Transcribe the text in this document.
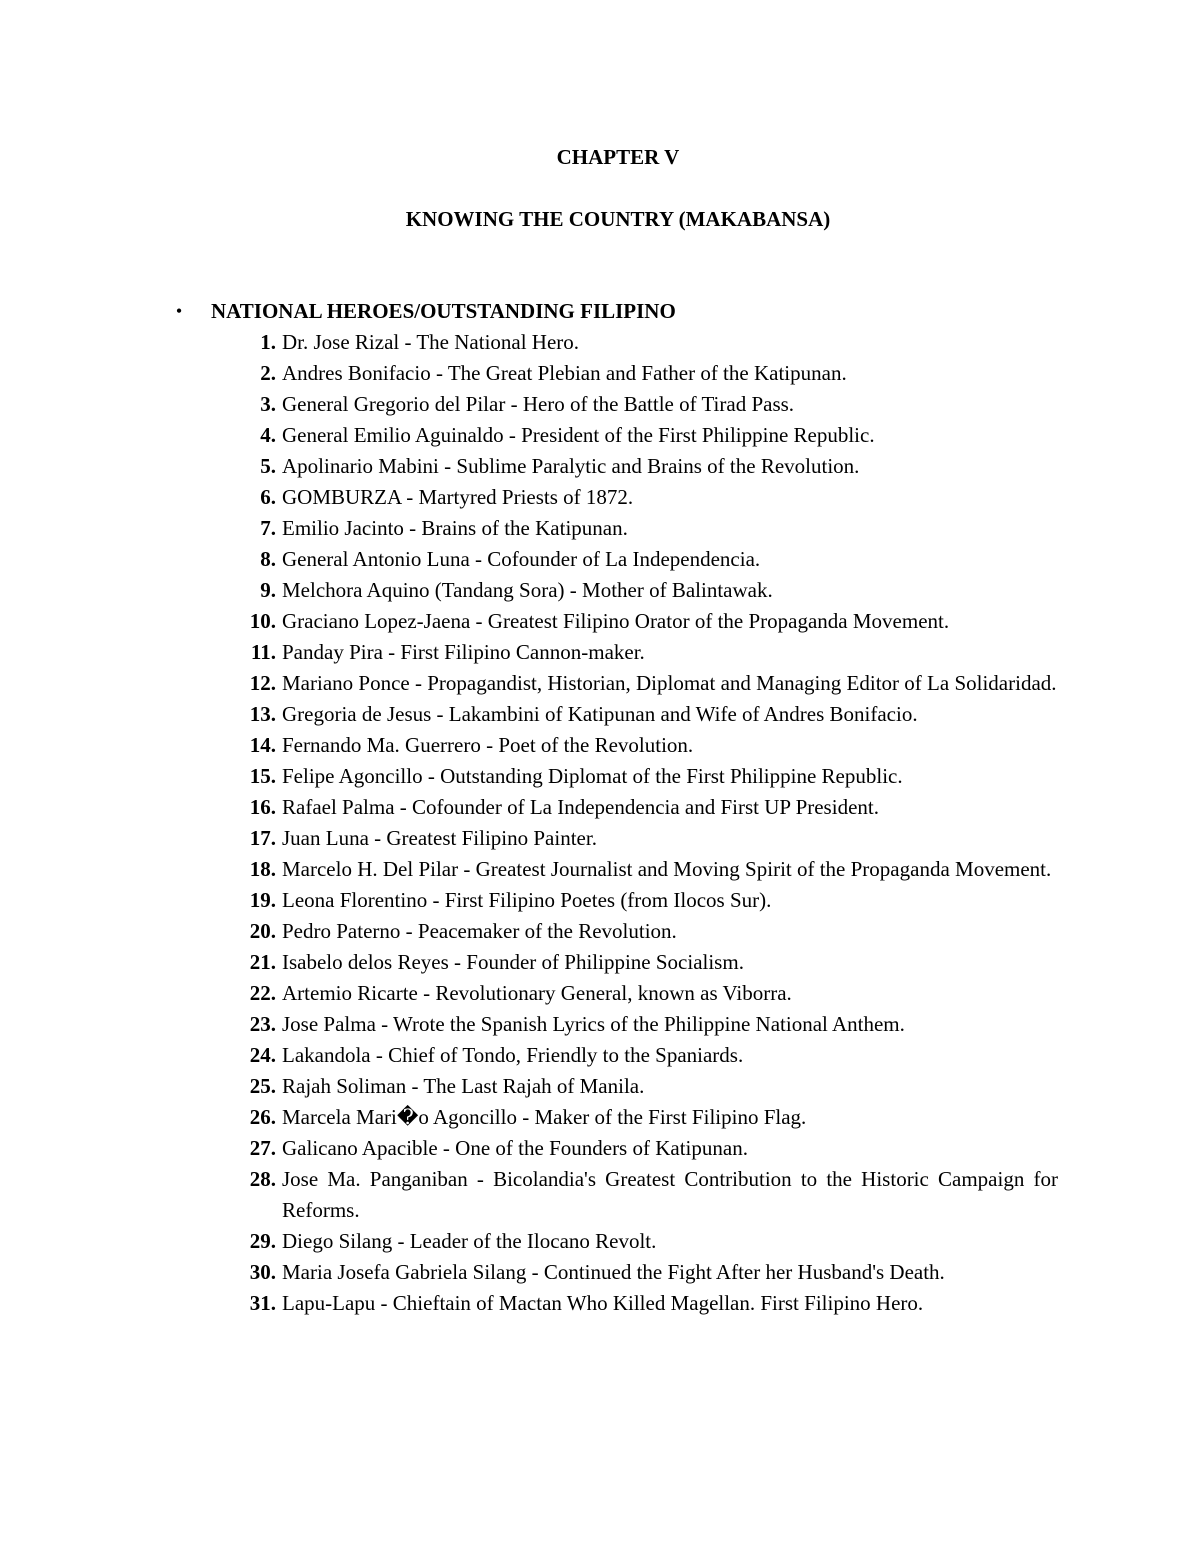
CHAPTER V
KNOWING THE COUNTRY (MAKABANSA)
• NATIONAL HEROES/OUTSTANDING FILIPINO
1. Dr. Jose Rizal - The National Hero.
2. Andres Bonifacio - The Great Plebian and Father of the Katipunan.
3. General Gregorio del Pilar - Hero of the Battle of Tirad Pass.
4. General Emilio Aguinaldo - President of the First Philippine Republic.
5. Apolinario Mabini - Sublime Paralytic and Brains of the Revolution.
6. GOMBURZA - Martyred Priests of 1872.
7. Emilio Jacinto - Brains of the Katipunan.
8. General Antonio Luna - Cofounder of La Independencia.
9. Melchora Aquino (Tandang Sora) - Mother of Balintawak.
10. Graciano Lopez-Jaena - Greatest Filipino Orator of the Propaganda Movement.
11. Panday Pira - First Filipino Cannon-maker.
12. Mariano Ponce - Propagandist, Historian, Diplomat and Managing Editor of La Solidaridad.
13. Gregoria de Jesus - Lakambini of Katipunan and Wife of Andres Bonifacio.
14. Fernando Ma. Guerrero - Poet of the Revolution.
15. Felipe Agoncillo - Outstanding Diplomat of the First Philippine Republic.
16. Rafael Palma - Cofounder of La Independencia and First UP President.
17. Juan Luna - Greatest Filipino Painter.
18. Marcelo H. Del Pilar - Greatest Journalist and Moving Spirit of the Propaganda Movement.
19. Leona Florentino - First Filipino Poetes (from Ilocos Sur).
20. Pedro Paterno - Peacemaker of the Revolution.
21. Isabelo delos Reyes - Founder of Philippine Socialism.
22. Artemio Ricarte - Revolutionary General, known as Viborra.
23. Jose Palma - Wrote the Spanish Lyrics of the Philippine National Anthem.
24. Lakandola - Chief of Tondo, Friendly to the Spaniards.
25. Rajah Soliman - The Last Rajah of Manila.
26. Marcela Mari�o Agoncillo - Maker of the First Filipino Flag.
27. Galicano Apacible - One of the Founders of Katipunan.
28. Jose Ma. Panganiban - Bicolandia's Greatest Contribution to the Historic Campaign for Reforms.
29. Diego Silang - Leader of the Ilocano Revolt.
30. Maria Josefa Gabriela Silang - Continued the Fight After her Husband's Death.
31. Lapu-Lapu - Chieftain of Mactan Who Killed Magellan. First Filipino Hero.
